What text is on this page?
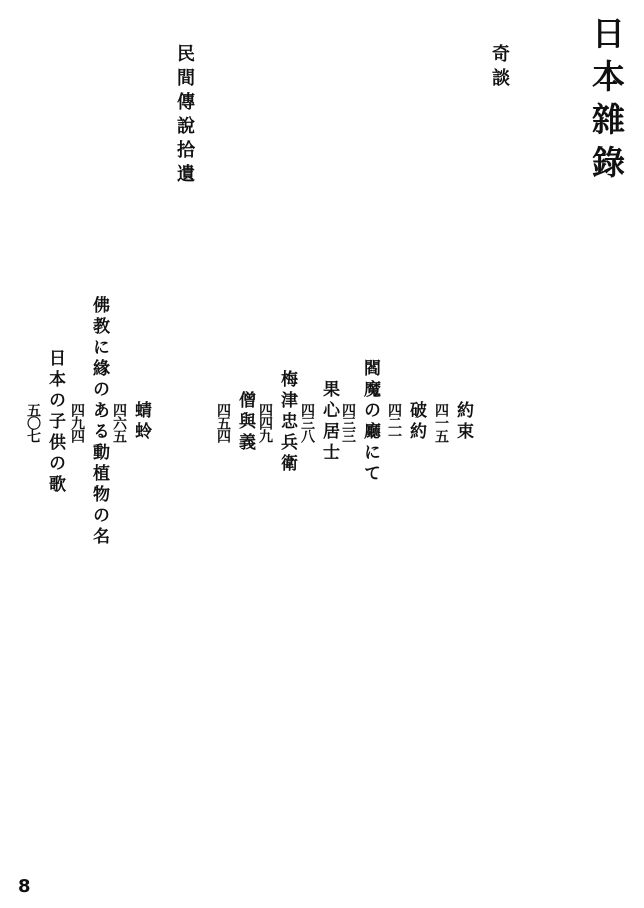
日本雜錄
奇談
約束
四一五
破約
四二一
閻魔の廳にて
四三三
果心居士
四三八
梅津忠兵衛
四四九
僧與義
四五四
民間傳說拾遺
蜻蛉
四六五
佛教に緣のある動植物の名
四九四
日本の子供の歌
五〇七
8
